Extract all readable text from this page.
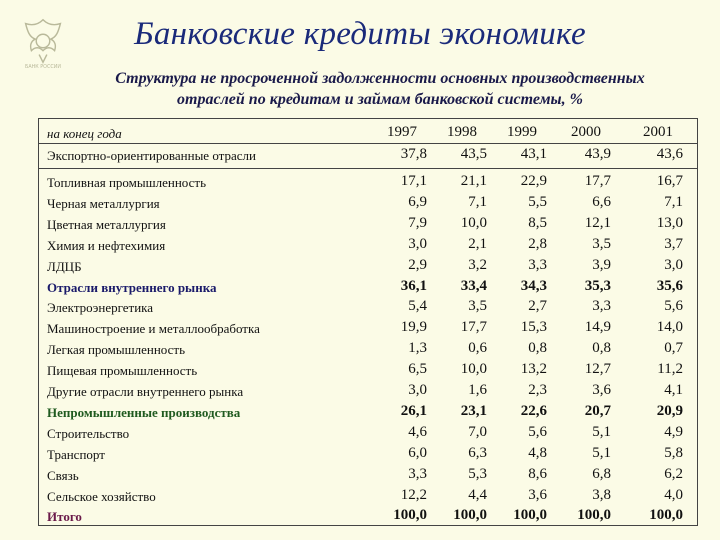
БАНК РОССИИ
Банковские кредиты экономике
Структура не просроченной задолженности основных производственных
отраслей по кредитам и займам банковской системы, %
на конец года	1997	1998	1999	2000	2001
Экспортно-ориентированные отрасли	37,8	43,5	43,1	43,9	43,6
Топливная промышленность	17,1	21,1	22,9	17,7	16,7
Черная металлургия	6,9	7,1	5,5	6,6	7,1
Цветная металлургия	7,9	10,0	8,5	12,1	13,0
Химия и нефтехимия	3,0	2,1	2,8	3,5	3,7
ЛДЦБ	2,9	3,2	3,3	3,9	3,0
Отрасли внутреннего рынка	36,1	33,4	34,3	35,3	35,6
Электроэнергетика	5,4	3,5	2,7	3,3	5,6
Машиностроение и металлообработка	19,9	17,7	15,3	14,9	14,0
Легкая промышленность	1,3	0,6	0,8	0,8	0,7
Пищевая промышленность	6,5	10,0	13,2	12,7	11,2
Другие отрасли внутреннего рынка	3,0	1,6	2,3	3,6	4,1
Непромышленные производства	26,1	23,1	22,6	20,7	20,9
Строительство	4,6	7,0	5,6	5,1	4,9
Транспорт	6,0	6,3	4,8	5,1	5,8
Связь	3,3	5,3	8,6	6,8	6,2
Сельское хозяйство	12,2	4,4	3,6	3,8	4,0
Итого	100,0	100,0	100,0	100,0	100,0
